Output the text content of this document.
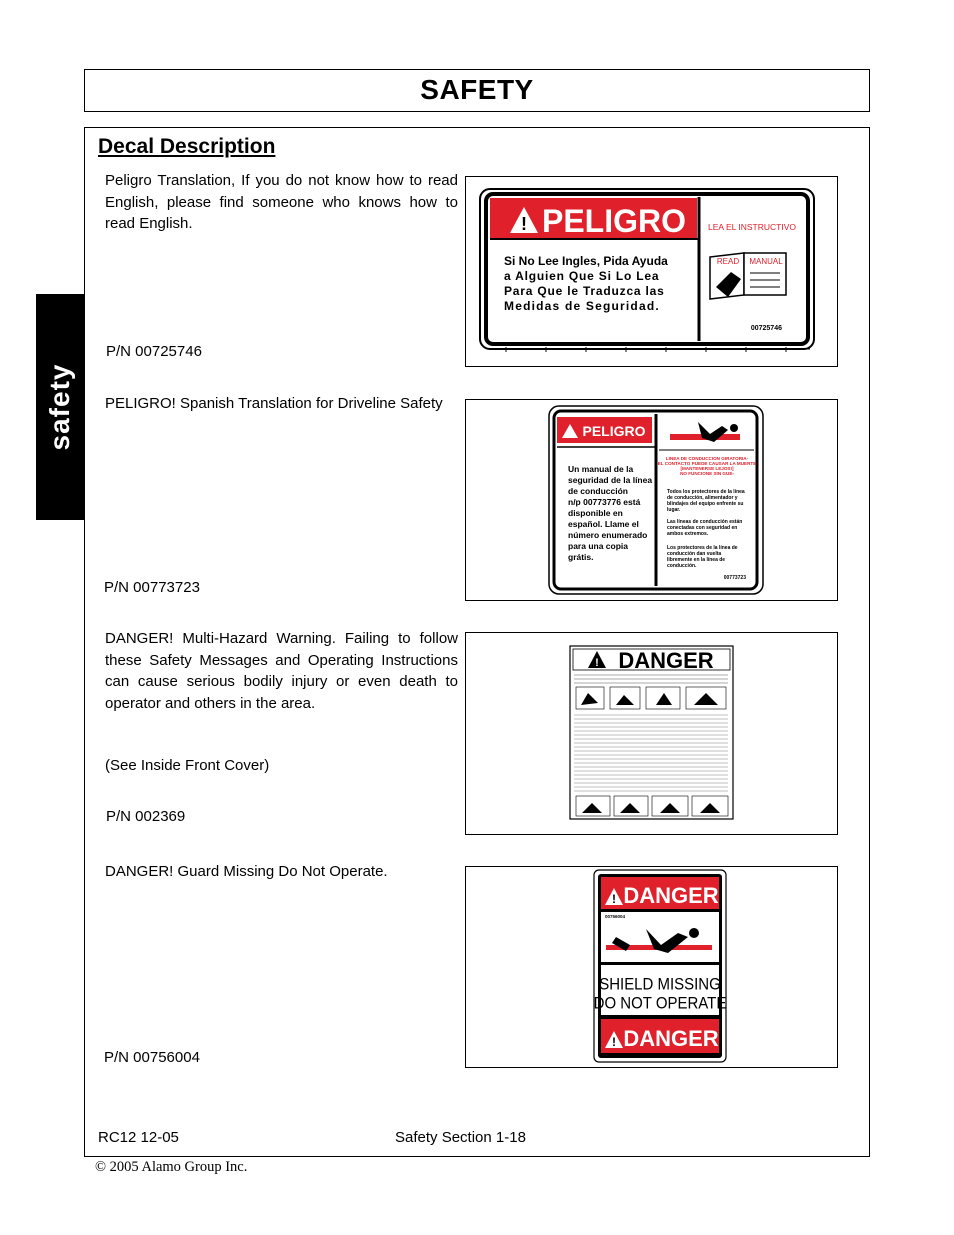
SAFETY
safety
Decal Description
Peligro Translation, If you do not know how to read English, please find someone who knows how to read English.
P/N 00725746
! PELIGRO	LEA EL INSTRUCTIVO
Si No Lee Ingles, Pida Ayuda
a Alguien Que Si Lo Lea
Para Que le Traduzca las
Medidas de Seguridad.
READ MANUAL
00725746
PELIGRO! Spanish Translation for Driveline Safety
P/N 00773723
PELIGRO
Un manual de la
seguridad de la línea
de conducción
n/p 00773776 está
disponible en
español. Llame el
número enumerado
para una copia
grátis.
LINEA DE CONDUCCION GIRATORIA-
EL CONTACTO PUEDE CAUSAR LA MUERTE
[MANTENERSE LEJOS!]
NO FUNCIONE SIN GUE-
Todos los protectores de la línea
de conducción, alimentador y
blindajes del equipo enfrente su
lugar.
Las líneas de conducción están
conectadas con seguridad en
ambos extremos.
Los protectores de la línea de
conducción dan vuelta
libremente en la línea de
conducción.
00773723
DANGER! Multi-Hazard Warning. Failing to follow these Safety Messages and Operating Instructions can cause serious bodily injury or even death to operator and others in the area.
(See Inside Front Cover)
P/N 002369
! DANGER
DANGER! Guard Missing Do Not Operate.
P/N 00756004
! DANGER
00756004
SHIELD MISSING
DO NOT OPERATE
! DANGER
RC12 12-05	Safety Section 1-18
© 2005 Alamo Group Inc.
